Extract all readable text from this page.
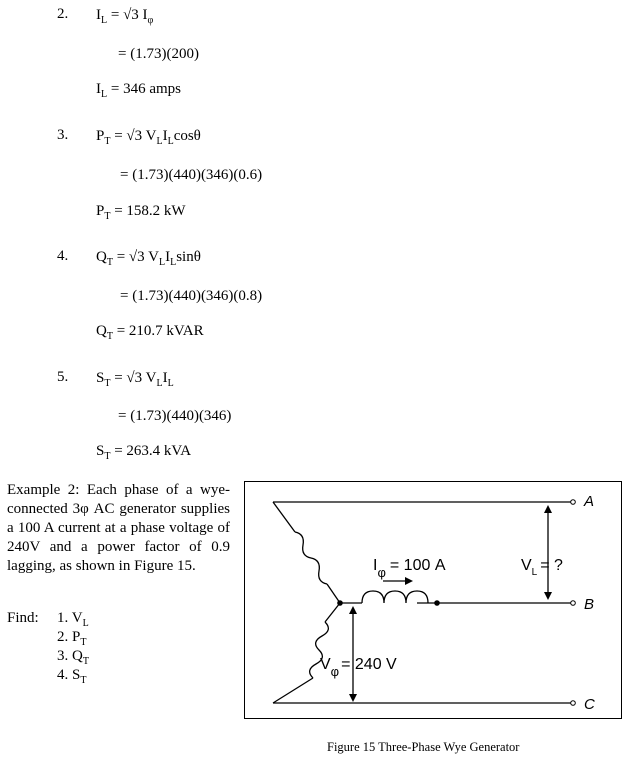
2. $I_L = √3$ $I_\varphi$
= (1.73)(200)
$I_L = 346$ amps
3. $P_T = √3$ $V_LI_L\cos\theta$
= (1.73)(440)(346)(0.6)
$P_T = 158.2$ kW
4. $Q_T = √3$ $V_LI_L\sin\theta$
= (1.73)(440)(346)(0.8)
$Q_T = 210.7$ kVAR
5. $S_T = √3$ $V_LI_L$
= (1.73)(440)(346)
$S_T = 263.4$ kVA
Example 2: Each phase of a wye-connected 3φ AC generator supplies a 100 A current at a phase voltage of 240V and a power factor of 0.9 lagging, as shown in Figure 15.
Find: 1. $V_L$
2. $P_T$
3. $Q_T$
4. $S_T$
A
B
C
$I_\varphi = 100$ A	$V_L$ = ?
$V_\varphi = 240$ V
Figure 15 Three-Phase Wye Generator
